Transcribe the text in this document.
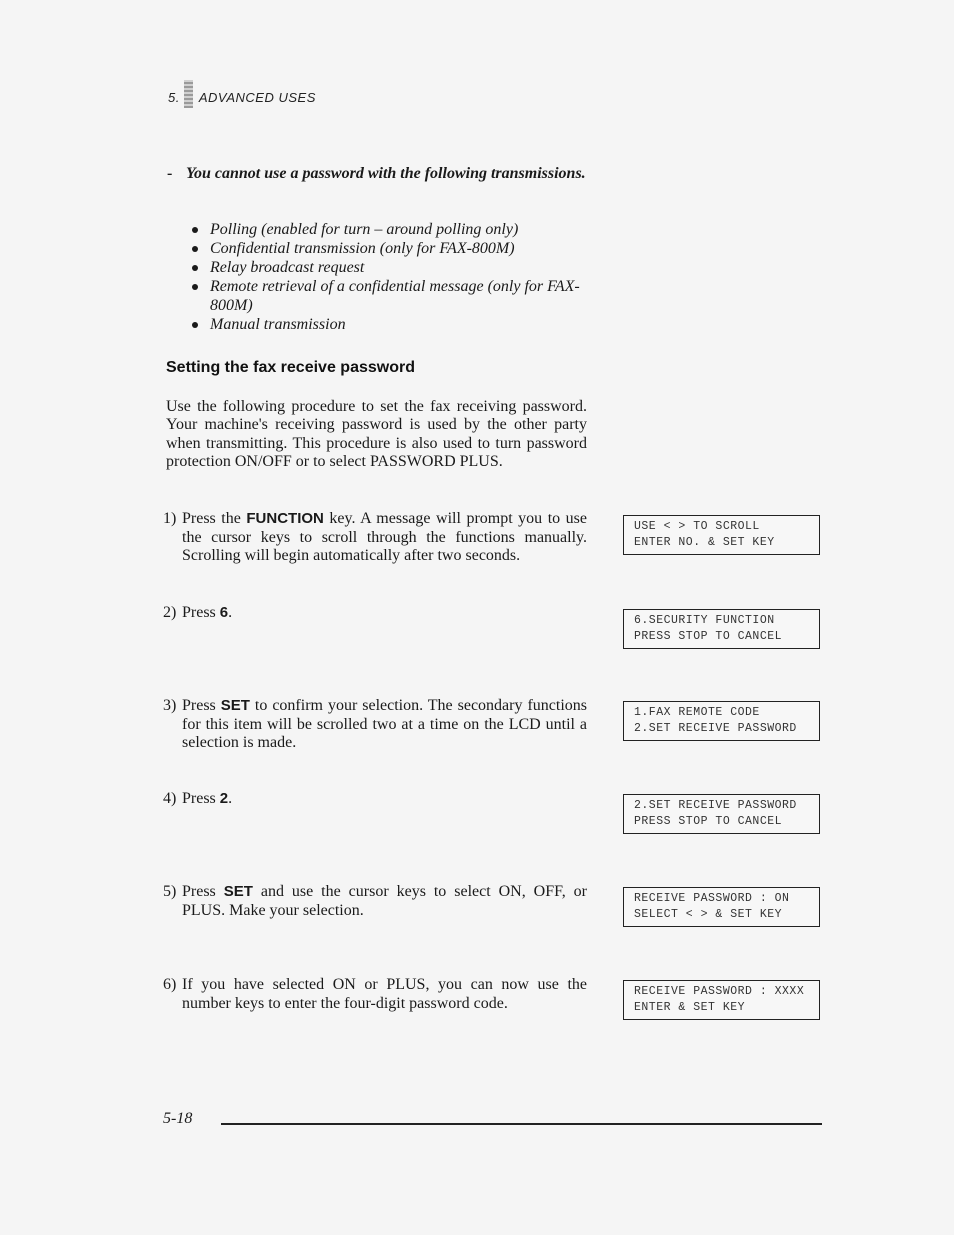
5. ADVANCED USES
- You cannot use a password with the following transmissions.
Polling (enabled for turn – around polling only)
Confidential transmission (only for FAX-800M)
Relay broadcast request
Remote retrieval of a confidential message (only for FAX-800M)
Manual transmission
Setting the fax receive password
Use the following procedure to set the fax receiving password. Your machine's receiving password is used by the other party when transmitting. This procedure is also used to turn password protection ON/OFF or to select PASSWORD PLUS.
1) Press the FUNCTION key. A message will prompt you to use the cursor keys to scroll through the functions manually. Scrolling will begin automatically after two seconds.
USE < > TO SCROLL
ENTER NO. & SET KEY
2) Press 6.	6.SECURITY FUNCTION
PRESS STOP TO CANCEL
3) Press SET to confirm your selection. The secondary functions for this item will be scrolled two at a time on the LCD until a selection is made.
1.FAX REMOTE CODE
2.SET RECEIVE PASSWORD
4) Press 2.	2.SET RECEIVE PASSWORD
PRESS STOP TO CANCEL
5) Press SET and use the cursor keys to select ON, OFF, or PLUS. Make your selection.
RECEIVE PASSWORD : ON
SELECT < > & SET KEY
6) If you have selected ON or PLUS, you can now use the number keys to enter the four-digit password code.
RECEIVE PASSWORD : XXXX
ENTER & SET KEY
5-18
